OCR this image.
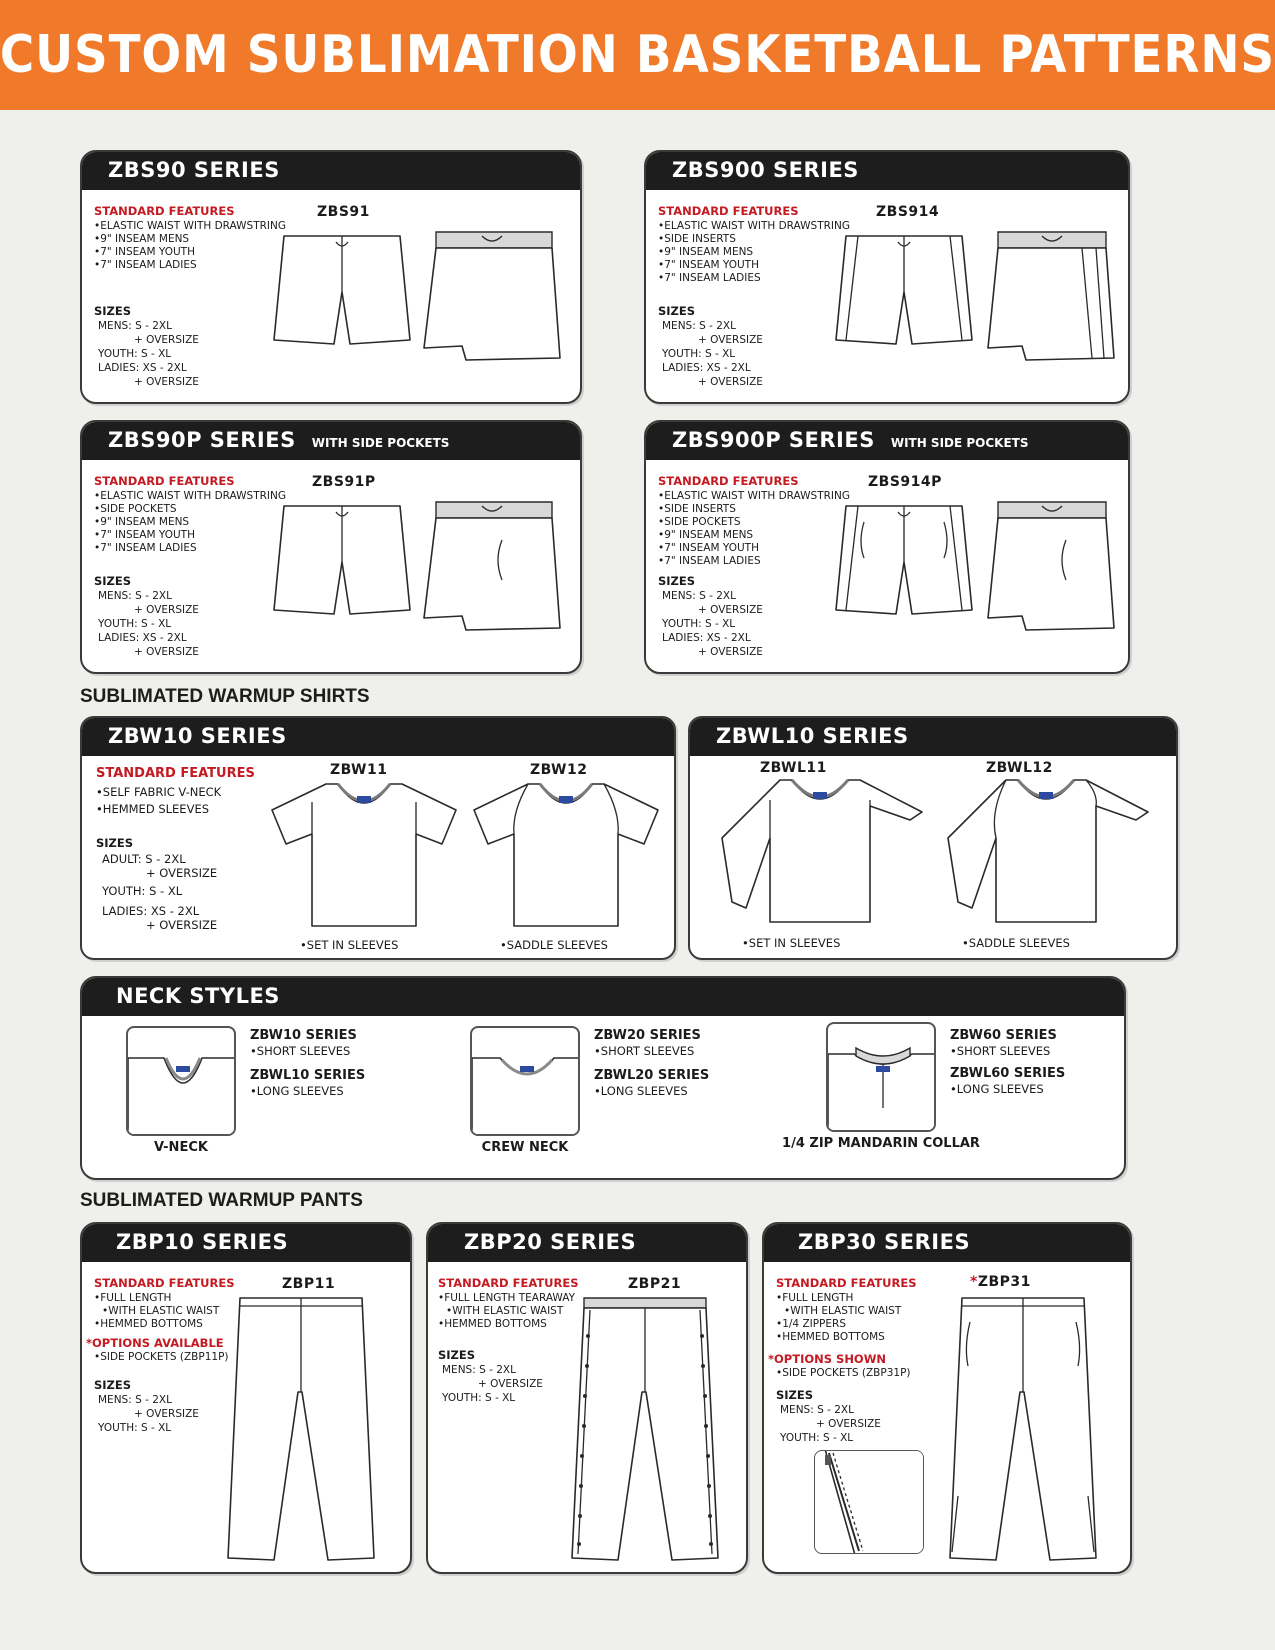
CUSTOM SUBLIMATION BASKETBALL PATTERNS
ZBS90 SERIES
STANDARD FEATURES
• ELASTIC WAIST WITH DRAWSTRING
• 9" INSEAM MENS
• 7" INSEAM YOUTH
• 7" INSEAM LADIES
SIZES
MENS: S - 2XL
+ OVERSIZE
YOUTH: S - XL
LADIES: XS - 2XL
+ OVERSIZE
ZBS91
ZBS900 SERIES
STANDARD FEATURES
• ELASTIC WAIST WITH DRAWSTRING
• SIDE INSERTS
• 9" INSEAM MENS
• 7" INSEAM YOUTH
• 7" INSEAM LADIES
SIZES
MENS: S - 2XL
+ OVERSIZE
YOUTH: S - XL
LADIES: XS - 2XL
+ OVERSIZE
ZBS914
ZBS90P SERIES WITH SIDE POCKETS
STANDARD FEATURES
• ELASTIC WAIST WITH DRAWSTRING
• SIDE POCKETS
• 9" INSEAM MENS
• 7" INSEAM YOUTH
• 7" INSEAM LADIES
SIZES
MENS: S - 2XL
+ OVERSIZE
YOUTH: S - XL
LADIES: XS - 2XL
+ OVERSIZE
ZBS91P
ZBS900P SERIES WITH SIDE POCKETS
STANDARD FEATURES
• ELASTIC WAIST WITH DRAWSTRING
• SIDE INSERTS
• SIDE POCKETS
• 9" INSEAM MENS
• 7" INSEAM YOUTH
• 7" INSEAM LADIES
SIZES
MENS: S - 2XL
+ OVERSIZE
YOUTH: S - XL
LADIES: XS - 2XL
+ OVERSIZE
ZBS914P
SUBLIMATED WARMUP SHIRTS
ZBW10 SERIES
STANDARD FEATURES
• SELF FABRIC V-NECK
• HEMMED SLEEVES
SIZES
ADULT: S - 2XL
+ OVERSIZE
YOUTH: S - XL
LADIES: XS - 2XL
+ OVERSIZE
ZBW11
• SET IN SLEEVES
ZBW12
• SADDLE SLEEVES
ZBWL10 SERIES
ZBWL11
• SET IN SLEEVES
ZBWL12
• SADDLE SLEEVES
NECK STYLES
V-NECK
ZBW10 SERIES
• SHORT SLEEVES
ZBWL10 SERIES
• LONG SLEEVES
CREW NECK
ZBW20 SERIES
• SHORT SLEEVES
ZBWL20 SERIES
• LONG SLEEVES
1/4 ZIP MANDARIN COLLAR
ZBW60 SERIES
• SHORT SLEEVES
ZBWL60 SERIES
• LONG SLEEVES
SUBLIMATED WARMUP PANTS
ZBP10 SERIES
STANDARD FEATURES
• FULL LENGTH
• WITH ELASTIC WAIST
• HEMMED BOTTOMS
*OPTIONS AVAILABLE
• SIDE POCKETS (ZBP11P)
SIZES
MENS: S - 2XL
+ OVERSIZE
YOUTH: S - XL
ZBP11
ZBP20 SERIES
STANDARD FEATURES
• FULL LENGTH TEARAWAY
• WITH ELASTIC WAIST
• HEMMED BOTTOMS
SIZES
MENS: S - 2XL
+ OVERSIZE
YOUTH: S - XL
ZBP21
ZBP30 SERIES
STANDARD FEATURES
• FULL LENGTH
• WITH ELASTIC WAIST
• 1/4 ZIPPERS
• HEMMED BOTTOMS
*OPTIONS SHOWN
• SIDE POCKETS (ZBP31P)
SIZES
MENS: S - 2XL
+ OVERSIZE
YOUTH: S - XL
*ZBP31
